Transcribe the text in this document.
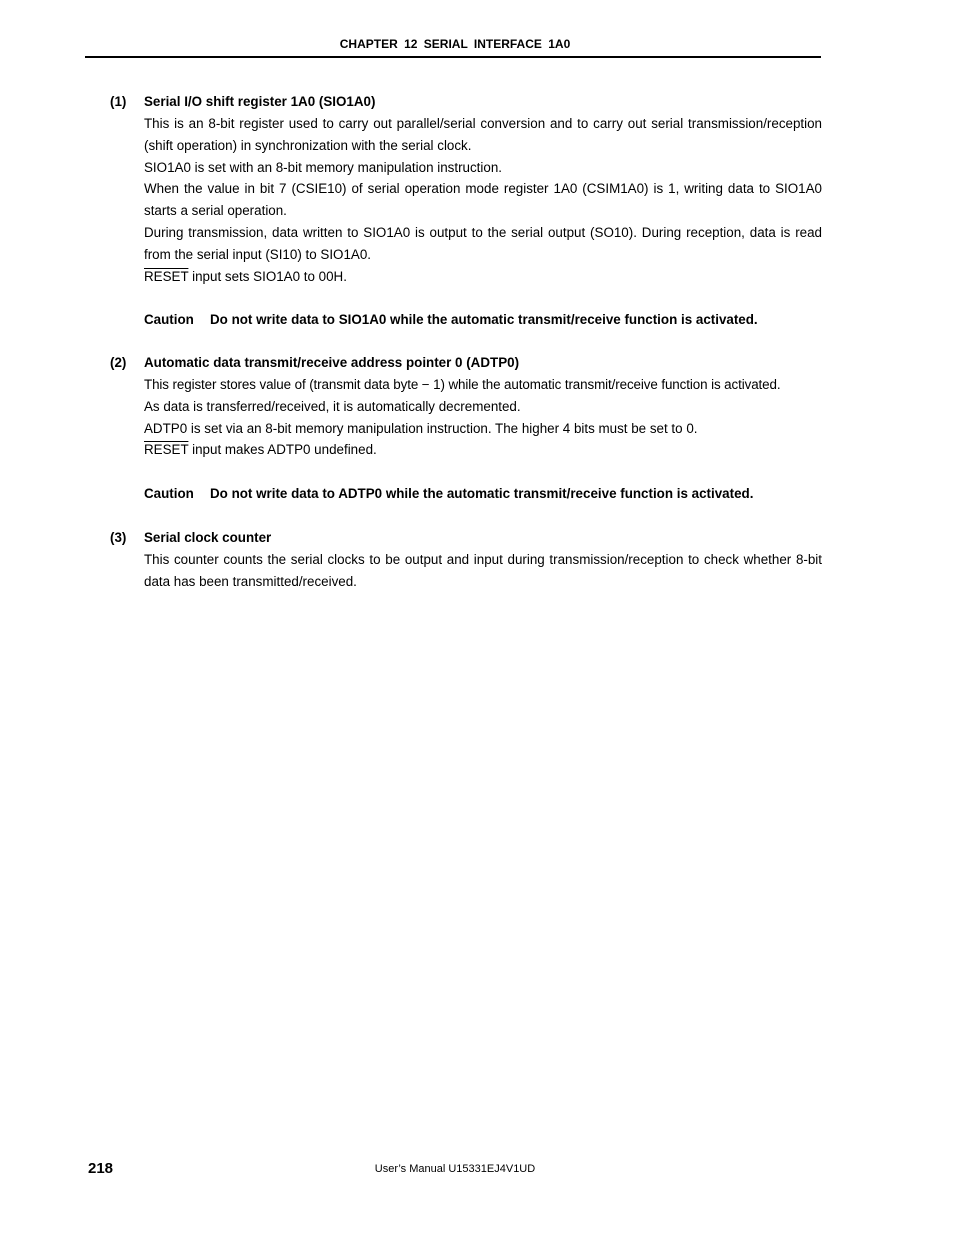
CHAPTER 12 SERIAL INTERFACE 1A0
(1) Serial I/O shift register 1A0 (SIO1A0)

This is an 8-bit register used to carry out parallel/serial conversion and to carry out serial transmission/reception (shift operation) in synchronization with the serial clock.

SIO1A0 is set with an 8-bit memory manipulation instruction.

When the value in bit 7 (CSIE10) of serial operation mode register 1A0 (CSIM1A0) is 1, writing data to SIO1A0 starts a serial operation.

During transmission, data written to SIO1A0 is output to the serial output (SO10). During reception, data is read from the serial input (SI10) to SIO1A0.

RESET input sets SIO1A0 to 00H.

Caution Do not write data to SIO1A0 while the automatic transmit/receive function is activated.
(2) Automatic data transmit/receive address pointer 0 (ADTP0)

This register stores value of (transmit data byte − 1) while the automatic transmit/receive function is activated.

As data is transferred/received, it is automatically decremented.

ADTP0 is set via an 8-bit memory manipulation instruction. The higher 4 bits must be set to 0.

RESET input makes ADTP0 undefined.

Caution Do not write data to ADTP0 while the automatic transmit/receive function is activated.
(3) Serial clock counter

This counter counts the serial clocks to be output and input during transmission/reception to check whether 8-bit data has been transmitted/received.

218	User’s Manual U15331EJ4V1UD
